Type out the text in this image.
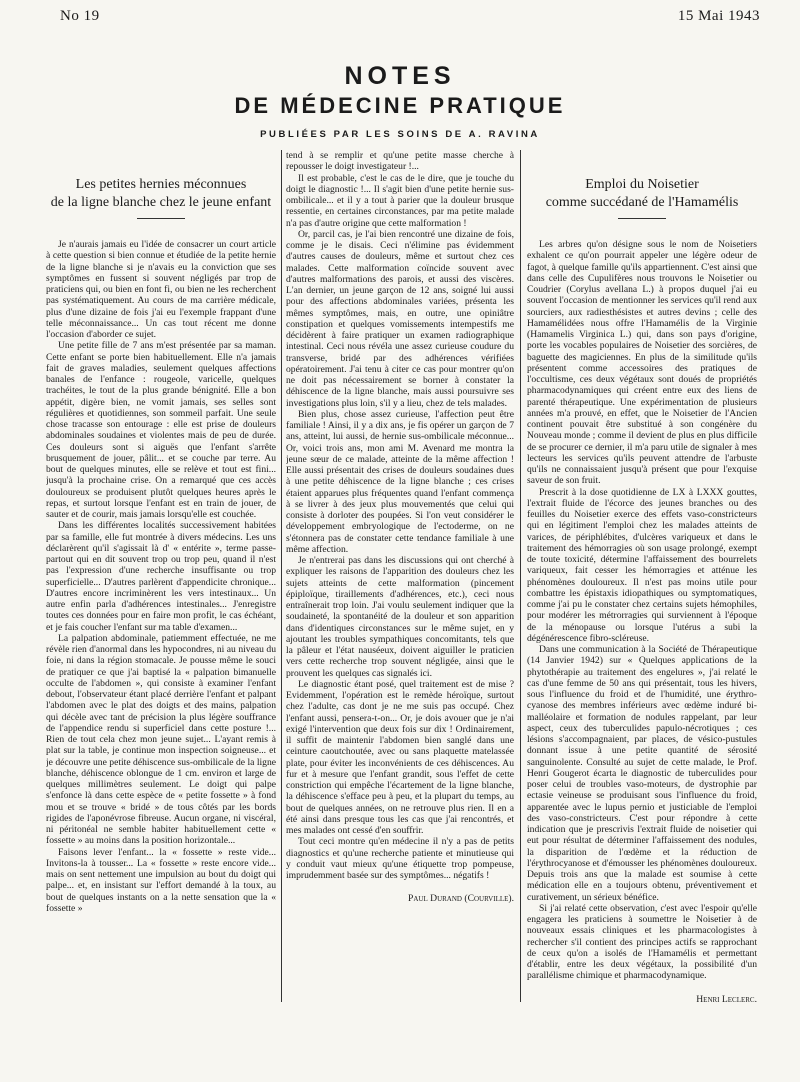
No 19	15 Mai 1943
NOTES
DE MÉDECINE PRATIQUE
PUBLIÉES PAR LES SOINS DE A. RAVINA
Les petites hernies méconnues
de la ligne blanche chez le jeune enfant

Je n'aurais jamais eu l'idée de consacrer un court article à cette question si bien connue et étudiée de la petite hernie de la ligne blanche si je n'avais eu la conviction que ses symptômes en fussent si souvent négligés par trop de praticiens qui, ou bien en font fi, ou bien ne les recherchent pas systématiquement. Au cours de ma carrière médicale, plus d'une dizaine de fois j'ai eu l'exemple frappant d'une telle méconnaissance... Un cas tout récent me donne l'occasion d'aborder ce sujet.

Une petite fille de 7 ans m'est présentée par sa maman. Cette enfant se porte bien habituellement. Elle n'a jamais fait de graves maladies, seulement quelques affections banales de l'enfance : rougeole, varicelle, quelques trachéites, le tout de la plus grande bénignité. Elle a bon appétit, digère bien, ne vomit jamais, ses selles sont régulières et quotidiennes, son sommeil parfait. Une seule chose tracasse son entourage : elle est prise de douleurs abdominales soudaines et violentes mais de peu de durée. Ces douleurs sont si aiguës que l'enfant s'arrête brusquement de jouer, pâlit... et se couche par terre. Au bout de quelques minutes, elle se relève et tout est fini... jusqu'à la prochaine crise. On a remarqué que ces accès douloureux se produisent plutôt quelques heures après le repas, et surtout lorsque l'enfant est en train de jouer, de sauter et de courir, mais jamais lorsqu'elle est couchée.

Dans les différentes localités successivement habitées par sa famille, elle fut montrée à divers médecins. Les uns déclarèrent qu'il s'agissait là d' « entérite », terme passe-partout qui en dit souvent trop ou trop peu, quand il n'est pas l'expression d'une recherche insuffisante ou trop superficielle... D'autres parlèrent d'appendicite chronique... D'autres encore incriminèrent les vers intestinaux... Un autre enfin parla d'adhérences intestinales... J'enregistre toutes ces données pour en faire mon profit, le cas échéant, et je fais coucher l'enfant sur ma table d'examen...

La palpation abdominale, patiemment effectuée, ne me révèle rien d'anormal dans les hypocondres, ni au niveau du foie, ni dans la région stomacale. Je pousse même le souci de pratiquer ce que j'ai baptisé la « palpation bimanuelle occulte de l'abdomen », qui consiste à examiner l'enfant debout, l'observateur étant placé derrière l'enfant et palpant l'abdomen avec le plat des doigts et des mains, palpation qui décèle avec tant de précision la plus légère souffrance de l'appendice rendu si superficiel dans cette posture !... Rien de tout cela chez mon jeune sujet... L'ayant remis à plat sur la table, je continue mon inspection soigneuse... et je découvre une petite déhiscence sus-ombilicale de la ligne blanche, déhiscence oblongue de 1 cm. environ et large de quelques millimètres seulement. Le doigt qui palpe s'enfonce là dans cette espèce de « petite fossette » à fond mou et se trouve « bridé » de tous côtés par les bords rigides de l'aponévrose fibreuse. Aucun organe, ni viscéral, ni péritonéal ne semble habiter habituellement cette « fossette » au moins dans la position horizontale...

Faisons lever l'enfant... la « fossette » reste vide... Invitons-la à tousser... La « fossette » reste encore vide... mais on sent nettement une impulsion au bout du doigt qui palpe... et, en insistant sur l'effort demandé à la toux, au bout de quelques instants on a la nette sensation que la « fossette »

tend à se remplir et qu'une petite masse cherche à repousser le doigt investigateur !...

Il est probable, c'est le cas de le dire, que je touche du doigt le diagnostic !... Il s'agit bien d'une petite hernie sus-ombilicale... et il y a tout à parier que la douleur brusque ressentie, en certaines circonstances, par ma petite malade n'a pas d'autre origine que cette malformation !

Or, parcil cas, je l'ai bien rencontré une dizaine de fois, comme je le disais. Ceci n'élimine pas évidemment d'autres causes de douleurs, même et surtout chez ces malades. Cette malformation coïncide souvent avec d'autres malformations des parois, et aussi des viscères. L'an dernier, un jeune garçon de 12 ans, soigné lui aussi pour des affections abdominales variées, présenta les mêmes symptômes, mais, en outre, une opiniâtre constipation et quelques vomissements intempestifs me décidèrent à faire pratiquer un examen radiographique intestinal. Ceci nous révéla une assez curieuse coudure du transverse, bridé par des adhérences vérifiées opératoirement. J'ai tenu à citer ce cas pour montrer qu'on ne doit pas nécessairement se borner à constater la déhiscence de la ligne blanche, mais aussi poursuivre ses investigations plus loin, s'il y a lieu, chez de tels malades.

Bien plus, chose assez curieuse, l'affection peut être familiale ! Ainsi, il y a dix ans, je fis opérer un garçon de 7 ans, atteint, lui aussi, de hernie sus-ombilicale méconnue... Or, voici trois ans, mon ami M. Avenard me montra la jeune sœur de ce malade, atteinte de la même affection ! Elle aussi présentait des crises de douleurs soudaines dues à une petite déhiscence de la ligne blanche ; ces crises étaient apparues plus fréquentes quand l'enfant commença à se livrer à des jeux plus mouvementés que celui qui consiste à dorloter des poupées. Si l'on veut considérer le développement embryologique de l'ectoderme, on ne s'étonnera pas de constater cette tendance familiale à une même affection.

Je n'entrerai pas dans les discussions qui ont cherché à expliquer les raisons de l'apparition des douleurs chez les sujets atteints de cette malformation (pincement épiploïque, tiraillements d'adhérences, etc.), ceci nous entraînerait trop loin. J'ai voulu seulement indiquer que la soudaineté, la spontanéité de la douleur et son apparition dans d'identiques circonstances sur le même sujet, en y ajoutant les troubles sympathiques concomitants, tels que la pâleur et l'état nauséeux, doivent aiguiller le praticien vers cette recherche trop souvent négligée, ainsi que le prouvent les quelques cas signalés ici.

Le diagnostic étant posé, quel traitement est de mise ? Evidemment, l'opération est le remède héroïque, surtout chez l'adulte, cas dont je ne me suis pas occupé. Chez l'enfant aussi, pensera-t-on... Or, je dois avouer que je n'ai exigé l'intervention que deux fois sur dix ! Ordinairement, il suffit de maintenir l'abdomen bien sanglé dans une ceinture caoutchoutée, avec ou sans plaquette matelassée plate, pour éviter les inconvénients de ces déhiscences. Au fur et à mesure que l'enfant grandit, sous l'effet de cette constriction qui empêche l'écartement de la ligne blanche, la déhiscence s'efface peu à peu, et la plupart du temps, au bout de quelques années, on ne retrouve plus rien. Il en a été ainsi dans presque tous les cas que j'ai rencontrés, et mes malades ont cessé d'en souffrir.

Tout ceci montre qu'en médecine il n'y a pas de petits diagnostics et qu'une recherche patiente et minutieuse qui y conduit vaut mieux qu'une étiquette trop pompeuse, imprudemment basée sur des symptômes... négatifs !

Paul Durand (Courville).
Emploi du Noisetier
comme succédané de l'Hamamélis

Les arbres qu'on désigne sous le nom de Noisetiers exhalent ce qu'on pourrait appeler une légère odeur de fagot, à quelque famille qu'ils appartiennent. C'est ainsi que dans celle des Cupulifères nous trouvons le Noisetier ou Coudrier (Corylus avellana L.) à propos duquel j'ai eu souvent l'occasion de mentionner les services qu'il rend aux sourciers, aux radiesthésistes et autres devins ; celle des Hamamélidées nous offre l'Hamamélis de la Virginie (Hamamelis Virginica L.) qui, dans son pays d'origine, porte les vocables populaires de Noisetier des sorcières, de baguette des magiciennes. En plus de la similitude qu'ils présentent comme accessoires des pratiques de l'occultisme, ces deux végétaux sont doués de propriétés pharmacodynamiques qui créent entre eux des liens de parenté thérapeutique. Une expérimentation de plusieurs années m'a prouvé, en effet, que le Noisetier de l'Ancien continent pouvait être substitué à son congénère du Nouveau monde ; comme il devient de plus en plus difficile de se procurer ce dernier, il m'a paru utile de signaler à mes lecteurs les services qu'ils peuvent attendre de l'arbuste qu'ils ne connaissaient jusqu'à présent que pour l'exquise saveur de son fruit.

Prescrit à la dose quotidienne de LX à LXXX gouttes, l'extrait fluide de l'écorce des jeunes branches ou des feuilles du Noisetier exerce des effets vaso-constricteurs qui en légitiment l'emploi chez les malades atteints de varices, de périphlébites, d'ulcères variqueux et dans le traitement des hémorragies où son usage prolongé, exempt de toute toxicité, détermine l'affaissement des bourrelets variqueux, fait cesser les hémorragies et atténue les phénomènes douloureux. Il n'est pas moins utile pour combattre les épistaxis idiopathiques ou symptomatiques, comme j'ai pu le constater chez certains sujets hémophiles, pour modérer les métrorragies qui surviennent à l'époque de la ménopause ou lorsque l'utérus a subi la dégénérescence fibro-scléreuse.

Dans une communication à la Société de Thérapeutique (14 Janvier 1942) sur « Quelques applications de la phytothérapie au traitement des engelures », j'ai relaté le cas d'une femme de 50 ans qui présentait, tous les hivers, sous l'influence du froid et de l'humidité, une érythro-cyanose des membres inférieurs avec œdème induré bi-malléolaire et formation de nodules rappelant, par leur aspect, ceux des tuberculides papulo-nécrotiques ; ces lésions s'accompagnaient, par places, de vésico-pustules donnant issue à une petite quantité de sérosité sanguinolente. Consulté au sujet de cette malade, le Prof. Henri Gougerot écarta le diagnostic de tuberculides pour poser celui de troubles vaso-moteurs, de dystrophie par ectasie veineuse se produisant sous l'influence du froid, apparentée avec le lupus pernio et justiciable de l'emploi des vaso-constricteurs. C'est pour répondre à cette indication que je prescrivis l'extrait fluide de noisetier qui eut pour résultat de déterminer l'affaissement des nodules, la disparition de l'œdème et la réduction de l'érythrocyanose et d'émousser les phénomènes douloureux. Depuis trois ans que la malade est soumise à cette médication elle en a toujours obtenu, préventivement et curativement, un sérieux bénéfice.

Si j'ai relaté cette observation, c'est avec l'espoir qu'elle engagera les praticiens à soumettre le Noisetier à de nouveaux essais cliniques et les pharmacologistes à rechercher s'il contient des principes actifs se rapprochant de ceux qu'on a isolés de l'Hamamélis et permettant d'établir, entre les deux végétaux, la possibilité d'un parallélisme chimique et pharmacodynamique.

Henri Leclerc.
